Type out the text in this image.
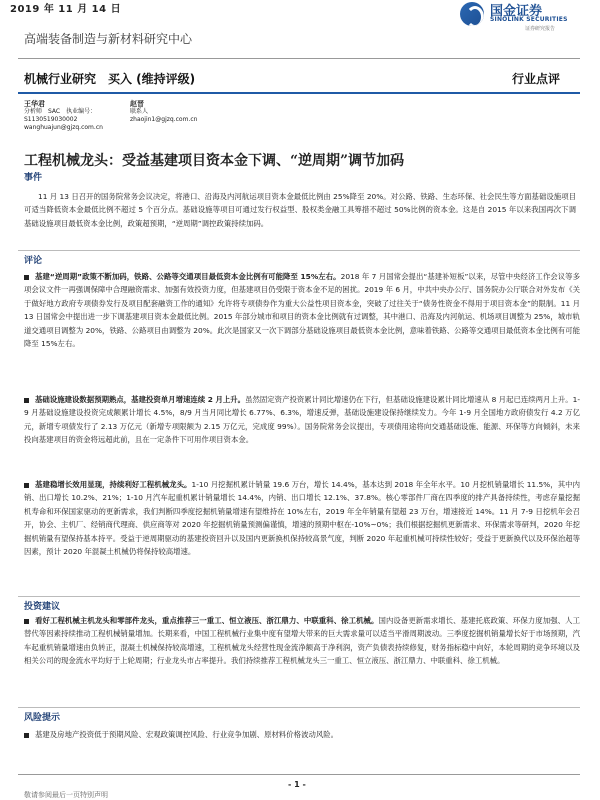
2019 年 11 月 14 日	国金证券
SINOLINK SECURITIES
证券研究报告
高端装备制造与新材料研究中心
机械行业研究　买入 (维持评级)	行业点评
王华君
分析师　SAC　执业编号：
S1130519030002
wanghuajun@gjzq.com.cn
赵晋
联系人
zhaojin1@gjzq.com.cn
工程机械龙头：受益基建项目资本金下调、“逆周期”调节加码
事件
11 月 13 日召开的国务院常务会议决定，将港口、沿海及内河航运项目资本金最低比例由 25%降至 20%。对公路、铁路、生态环保、社会民生等方面基础设施项目可适当降低资本金最低比例不超过 5 个百分点。基础设施等项目可通过发行权益型、股权类金融工具筹措不超过 50%比例的资本金。这是自 2015 年以来我国再次下调基础设施项目最低资本金比例，政策超预期，“逆周期”调控政策持续加码。
评论
基建“逆周期”政策不断加码，铁路、公路等交通项目最低资本金比例有可能降至 15%左右。2018 年 7 月国常会提出“基建补短板”以来，尽管中央经济工作会议等多项会议文件一再强调保障中合理融资需求、加强有效投资力度，但基建项目仍受限于资本金不足的困扰。2019 年 6 月，中共中央办公厅、国务院办公厅联合对外发布《关于做好地方政府专项债券发行及项目配套融资工作的通知》允许将专项债券作为重大公益性项目资本金，突破了过往关于“债务性资金不得用于项目资本金”的限制。11 月 13 日国常会中提出进一步下调基建项目资本金最低比例。2015 年部分城市和项目的资本金比例就有过调整，其中港口、沿海及内河航运、机场项目调整为 25%，城市轨道交通项目调整为 20%，铁路、公路项目由调整为 20%。此次是国家又一次下调部分基础设施项目最低资本金比例，意味着铁路、公路等交通项目最低资本金比例有可能降至 15%左右。
基础设施建设数据预期熟点，基建投资单月增速连续 2 月上升。虽然固定资产投资累计同比增速仍在下行，但基础设施建设累计同比增速从 8 月起已连续两月上升。1-9 月基础设施建设投资完成额累计增长 4.5%，8/9 月当月同比增长 6.77%、6.3%，增速反弹，基础设施建设保持继续发力。今年 1-9 月全国地方政府债发行 4.2 万亿元，新增专项债发行了 2.13 万亿元（新增专项限额为 2.15 万亿元，完成度 99%）。国务院常务会议提出，专项债用途将向交通基础设施、能源、环保等方向倾斜，未来投向基建项目的资金将远超此前，且在一定条件下可用作项目资本金。
基建稳增长效用显现，持续利好工程机械龙头。1-10 月挖掘机累计销量 19.6 万台，增长 14.4%，基本达到 2018 年全年水平。10 月挖机销量增长 11.5%，其中内销、出口增长 10.2%、21%；1-10 月汽车起重机累计销量增长 14.4%，内销、出口增长 12.1%、37.8%。核心零部件厂商在四季度的排产具备持续性，考虑存量挖掘机寿命和环保国家驱动的更新需求，我们判断四季度挖掘机销量增速有望维持在 10%左右，2019 年全年销量有望超 23 万台，增速接近 14%。11 月 7-9 日挖机年会召开，协会、主机厂、经销商代理商、供应商等对 2020 年挖掘机销量预测偏谨慎，增速的预期中枢在-10%~0%；我们根据挖掘机更新需求、环保需求等研判，2020 年挖掘机销量有望保持基本持平。受益于逆周期驱动的基建投资回升以及国内更新换机保持较高景气度，判断 2020 年起重机械可持续性较好；受益于更新换代以及环保治超等因素，预计 2020 年混凝土机械仍将保持较高增速。
投资建议
看好工程机械主机龙头和零部件龙头，重点推荐三一重工、恒立液压、浙江鼎力、中联重科、徐工机械。国内设备更新需求增长、基建托底政策、环保力度加强、人工替代等因素持续推动工程机械销量增加。长期来看，中国工程机械行业集中度有望增大带来的巨大需求量可以适当平滑周期波动。三季度挖掘机销量增长好于市场预期，汽车起重机销量增速由负转正，混凝土机械保持较高增速，工程机械龙头经营性现金流净额高于净利润，资产负债表持续修复，财务指标稳中向好，本轮周期的竞争环境以及相关公司的现金流水平均好于上轮周期；行业龙头市占率提升。我们持续推荐工程机械龙头三一重工、恒立液压、浙江鼎力、中联重科、徐工机械。
风险提示
基建及房地产投资低于预期风险、宏观政策调控风险、行业竞争加剧、原材料价格波动风险。
- 1 -
敬请参阅最后一页特别声明
